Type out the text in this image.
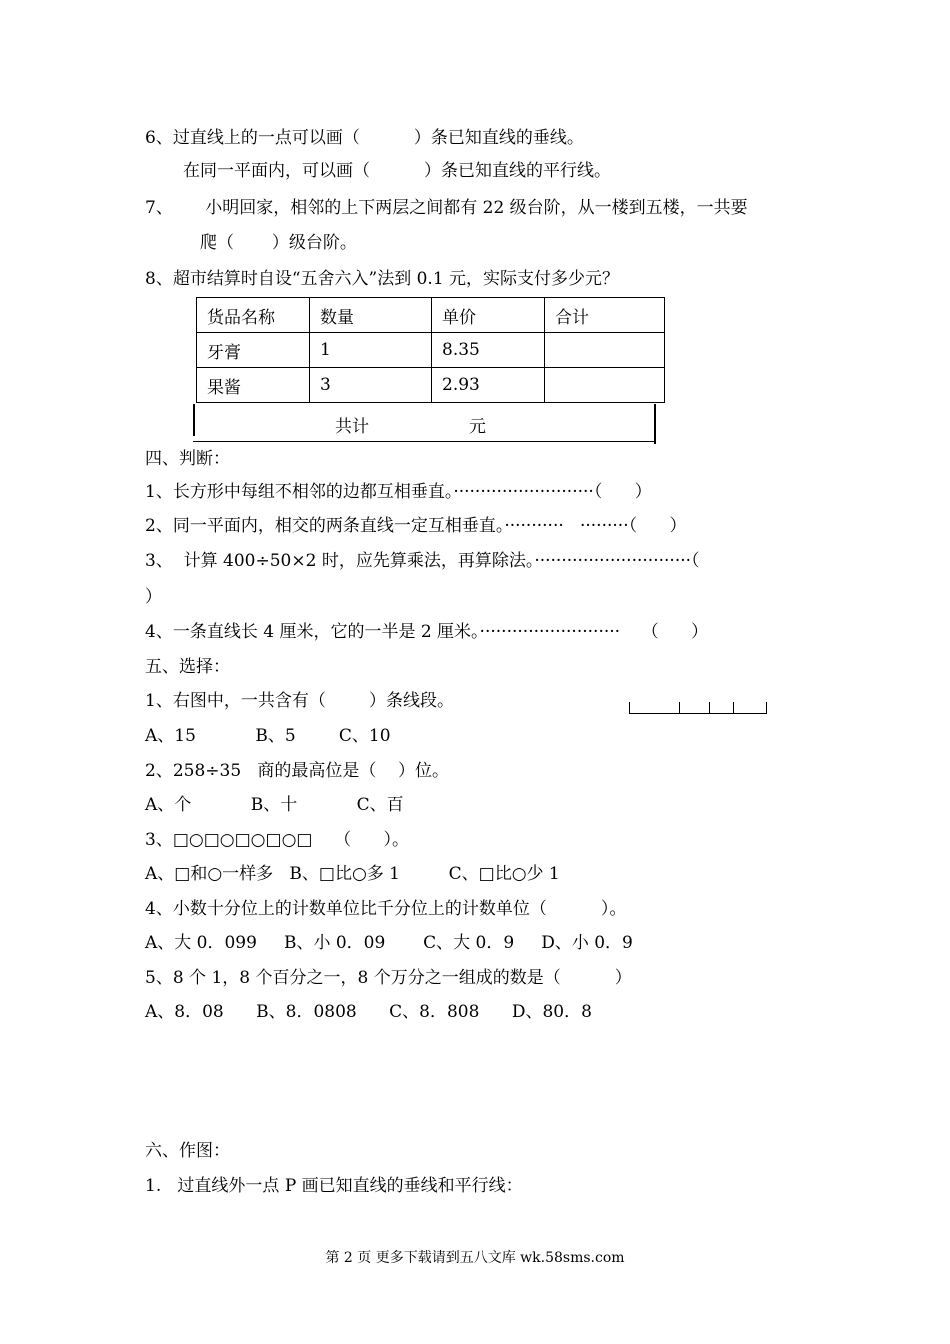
6、过直线上的一点可以画（          ）条已知直线的垂线。
在同一平面内，可以画（          ）条已知直线的平行线。
7、      小明回家，相邻的上下两层之间都有 22 级台阶，从一楼到五楼，一共要
爬（       ）级台阶。
8、超市结算时自设“五舍六入”法到 0.1 元，实际支付多少元？
货品名称	数量	单价	合计
牙膏	1	8.35	
果酱	3	2.93	
共计	元
四、判断：
1、长方形中每组不相邻的边都互相垂直。··························（      ）
2、同一平面内，相交的两条直线一定互相垂直。···········   ·········（      ）
3、  计算 400÷50×2 时，应先算乘法，再算除法。·····························（
）
4、一条直线长 4 厘米，它的一半是 2 厘米。··························    （      ）
五、选择：
1、右图中，一共含有（        ）条线段。
A、15           B、5        C、10
2、258÷35   商的最高位是（    ）位。
A、个           B、十           C、百
3、□○□○□○□○□    （      ）。
A、□和○一样多   B、□比○多 1         C、□比○少 1
4、小数十分位上的计数单位比千分位上的计数单位（          ）。
A、大 0．099     B、小 0．09       C、大 0．9     D、小 0．9
5、8 个 1，8 个百分之一，8 个万分之一组成的数是（          ）
A、8．08      B、8．0808      C、8．808      D、80．8
六、作图：
1.   过直线外一点 P 画已知直线的垂线和平行线：
第 2 页 更多下载请到五八文库 wk.58sms.com
